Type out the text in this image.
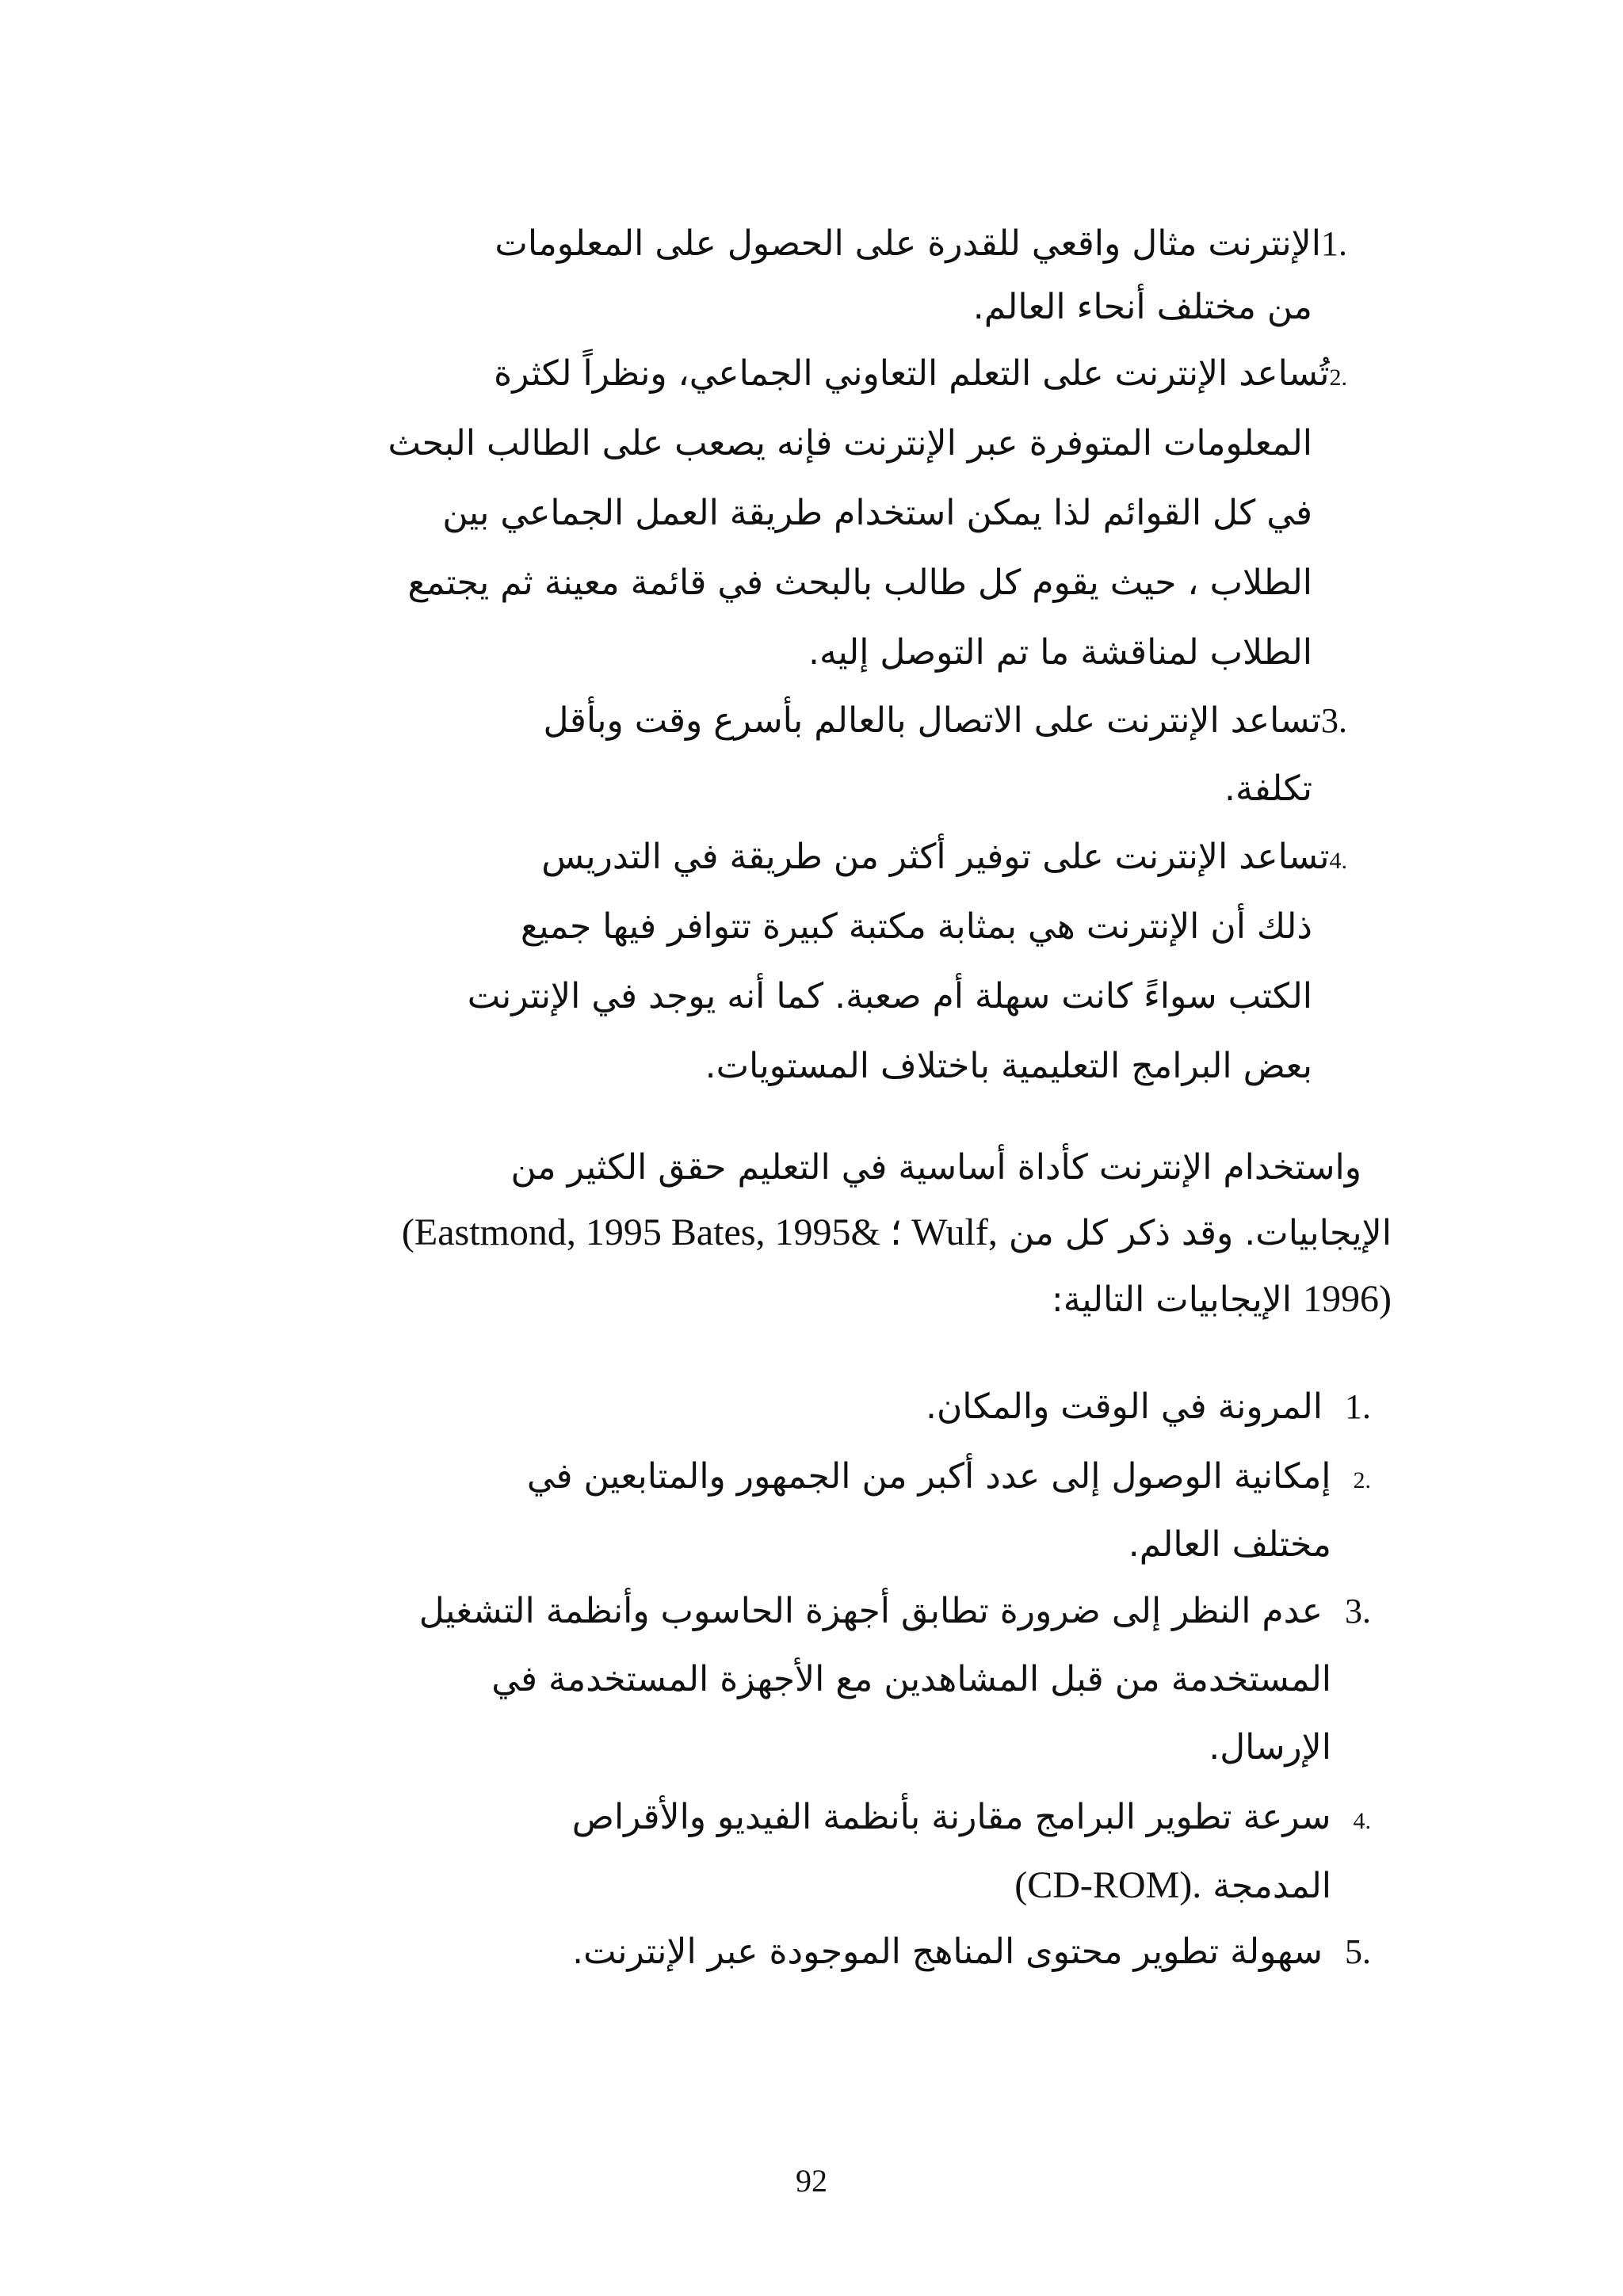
1.الإنترنت مثال واقعي للقدرة على الحصول على المعلومات
من مختلف أنحاء العالم.
2.تُساعد الإنترنت على التعلم التعاوني الجماعي، ونظراً لكثرة
المعلومات المتوفرة عبر الإنترنت فإنه يصعب على الطالب البحث
في كل القوائم لذا يمكن استخدام طريقة العمل الجماعي بين
الطلاب ، حيث يقوم كل طالب بالبحث في قائمة معينة ثم يجتمع
الطلاب لمناقشة ما تم التوصل إليه.
3.تساعد الإنترنت على الاتصال بالعالم بأسرع وقت وبأقل
تكلفة.
4.تساعد الإنترنت على توفير أكثر من طريقة في التدريس
ذلك أن الإنترنت هي بمثابة مكتبة كبيرة تتوافر فيها جميع
الكتب سواءً كانت سهلة أم صعبة. كما أنه يوجد في الإنترنت
بعض البرامج التعليمية باختلاف المستويات.
واستخدام الإنترنت كأداة أساسية في التعليم حقق الكثير من
الإيجابيات. وقد ذكر كل من (Eastmond, 1995 Bates, 1995& ؛ Wulf,
1996) الإيجابيات التالية:
1.  المرونة في الوقت والمكان.
2.  إمكانية الوصول إلى عدد أكبر من الجمهور والمتابعين في
مختلف العالم.
3.  عدم النظر إلى ضرورة تطابق أجهزة الحاسوب وأنظمة التشغيل
المستخدمة من قبل المشاهدين مع الأجهزة المستخدمة في
الإرسال.
4.  سرعة تطوير البرامج مقارنة بأنظمة الفيديو والأقراص
المدمجة (CD-ROM).
5.  سهولة تطوير محتوى المناهج الموجودة عبر الإنترنت.
92
